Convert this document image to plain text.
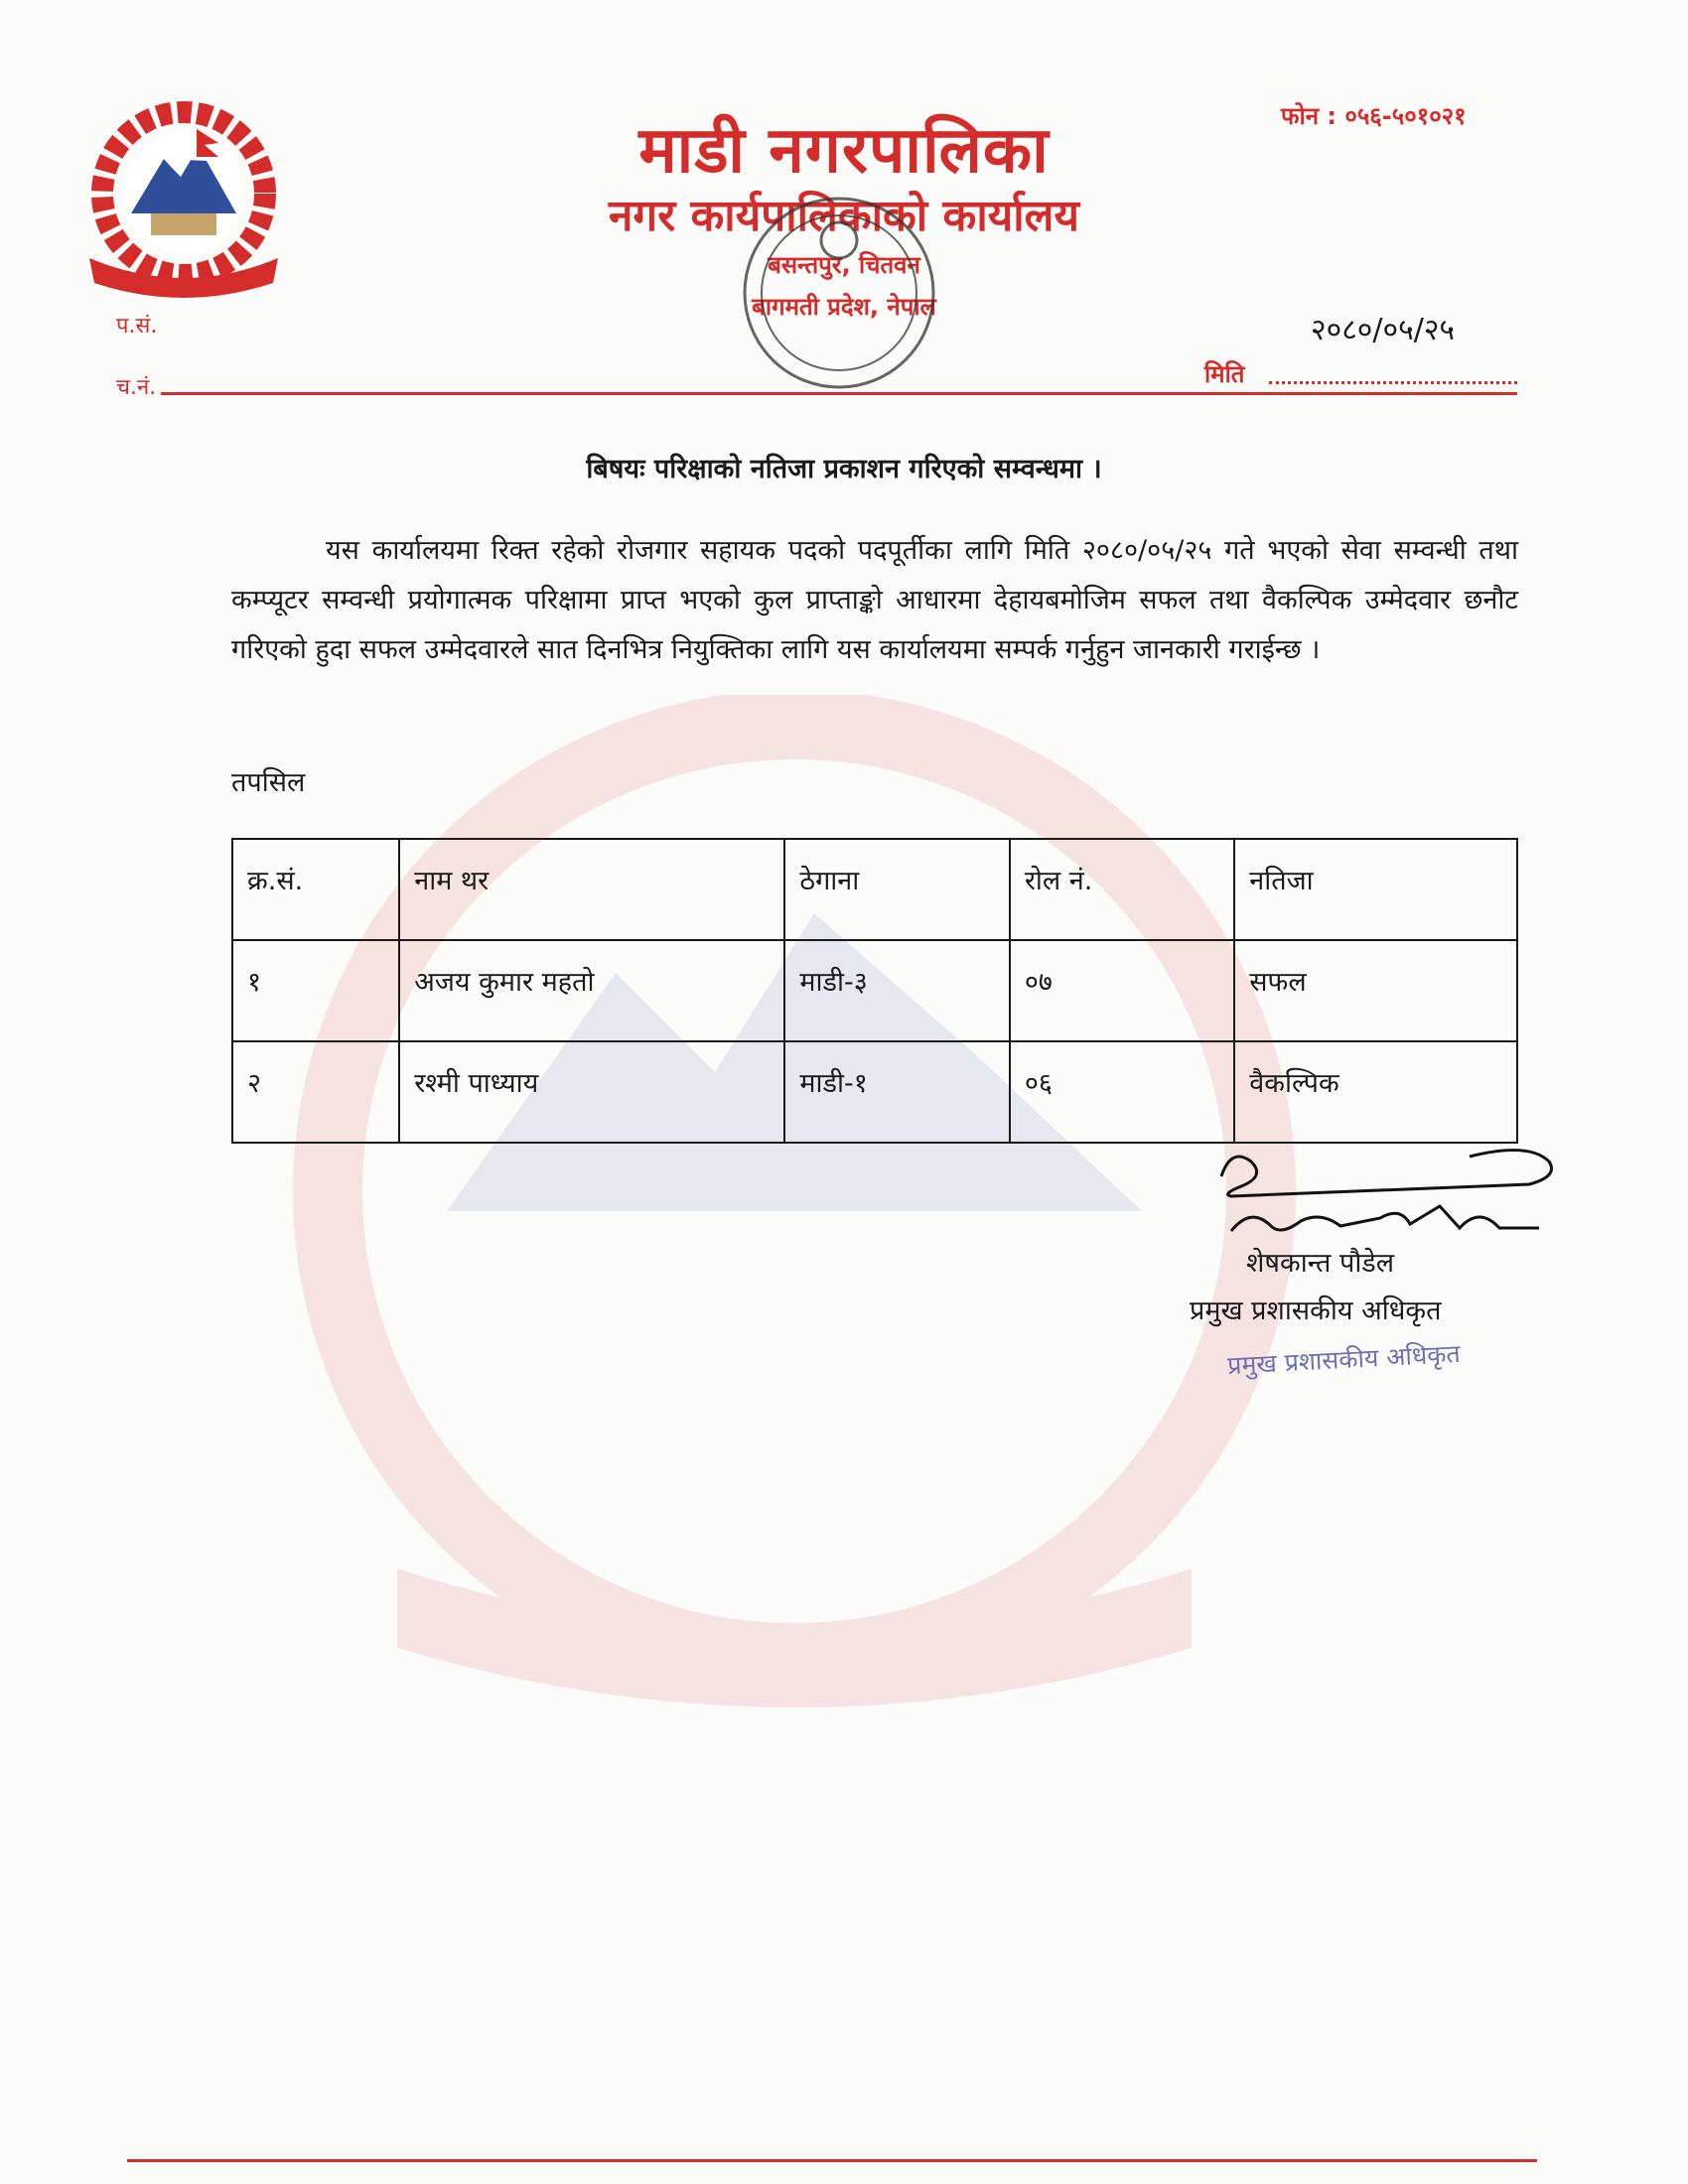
प.सं.
च.नं.
माडी नगरपालिका
नगर कार्यपालिकाको कार्यालय
बसन्तपुर, चितवन
बागमती प्रदेश, नेपाल
फोन : ०५६-५०१०२१
२०८०/०५/२५
मिति
बिषयः परिक्षाको नतिजा प्रकाशन गरिएको सम्वन्धमा ।
यस कार्यालयमा रिक्त रहेको रोजगार सहायक पदको पदपूर्तीका लागि मिति २०८०/०५/२५ गते भएको सेवा सम्वन्धी तथा कम्प्यूटर सम्वन्धी प्रयोगात्मक परिक्षामा प्राप्त भएको कुल प्राप्ताङ्को आधारमा देहायबमोजिम सफल तथा वैकल्पिक उम्मेदवार छनौट गरिएको हुदा सफल उम्मेदवारले सात दिनभित्र नियुक्तिका लागि यस कार्यालयमा सम्पर्क गर्नुहुन जानकारी गराईन्छ ।
तपसिल
क्र.सं.	नाम थर	ठेगाना	रोल नं.	नतिजा
१	अजय कुमार महतो	माडी-३	०७	सफल
२	रश्मी पाध्याय	माडी-१	०६	वैकल्पिक
शेषकान्त पौडेल
प्रमुख प्रशासकीय अधिकृत
प्रमुख प्रशासकीय अधिकृत
